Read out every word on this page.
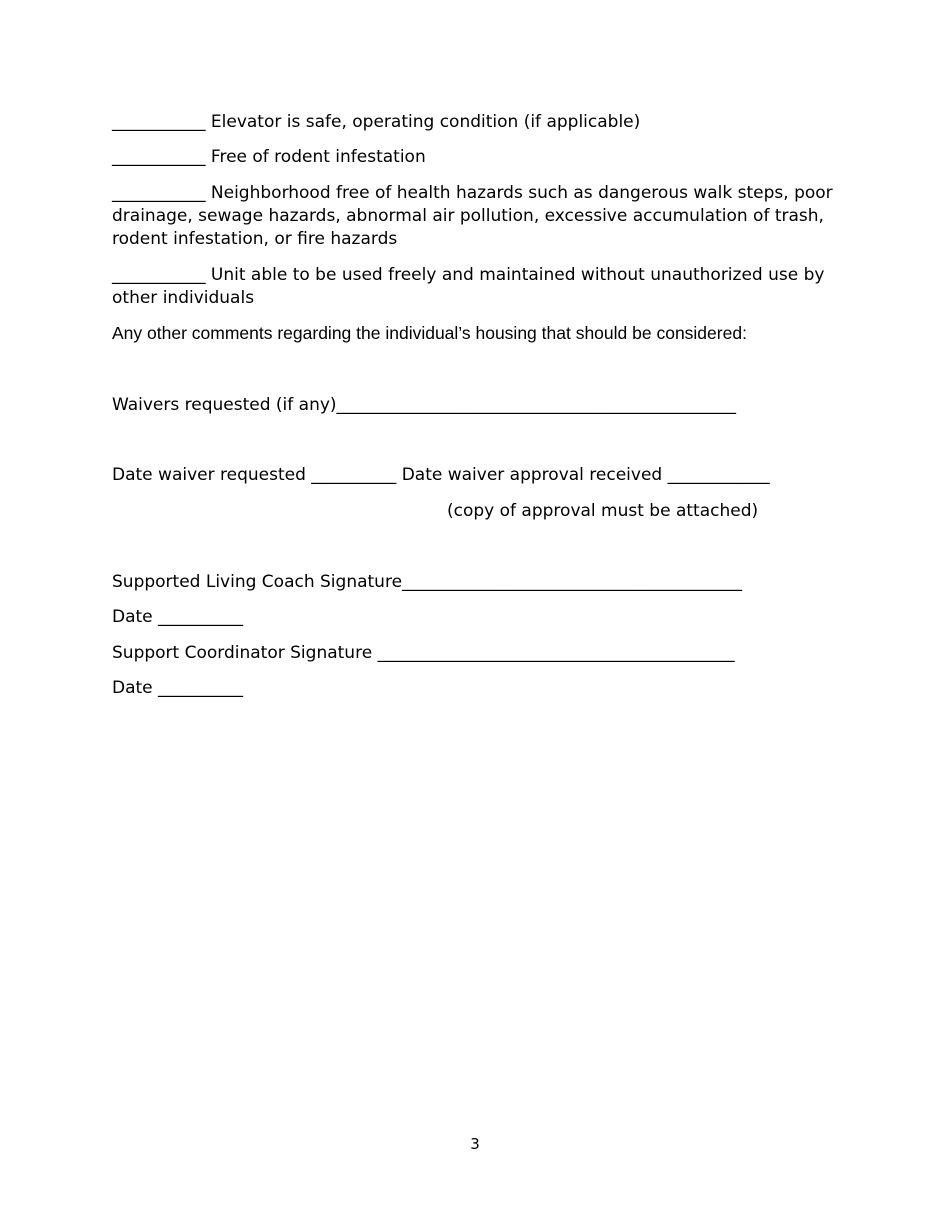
___________ Elevator is safe, operating condition (if applicable)
___________ Free of rodent infestation
___________ Neighborhood free of health hazards such as dangerous walk steps, poor drainage, sewage hazards, abnormal air pollution, excessive accumulation of trash, rodent infestation, or fire hazards
___________ Unit able to be used freely and maintained without unauthorized use by other individuals
Any other comments regarding the individual’s housing that should be considered:
Waivers requested (if any)_______________________________________________
Date waiver requested __________ Date waiver approval received ____________
(copy of approval must be attached)
Supported Living Coach Signature________________________________________
Date __________
Support Coordinator Signature __________________________________________
Date __________
3
